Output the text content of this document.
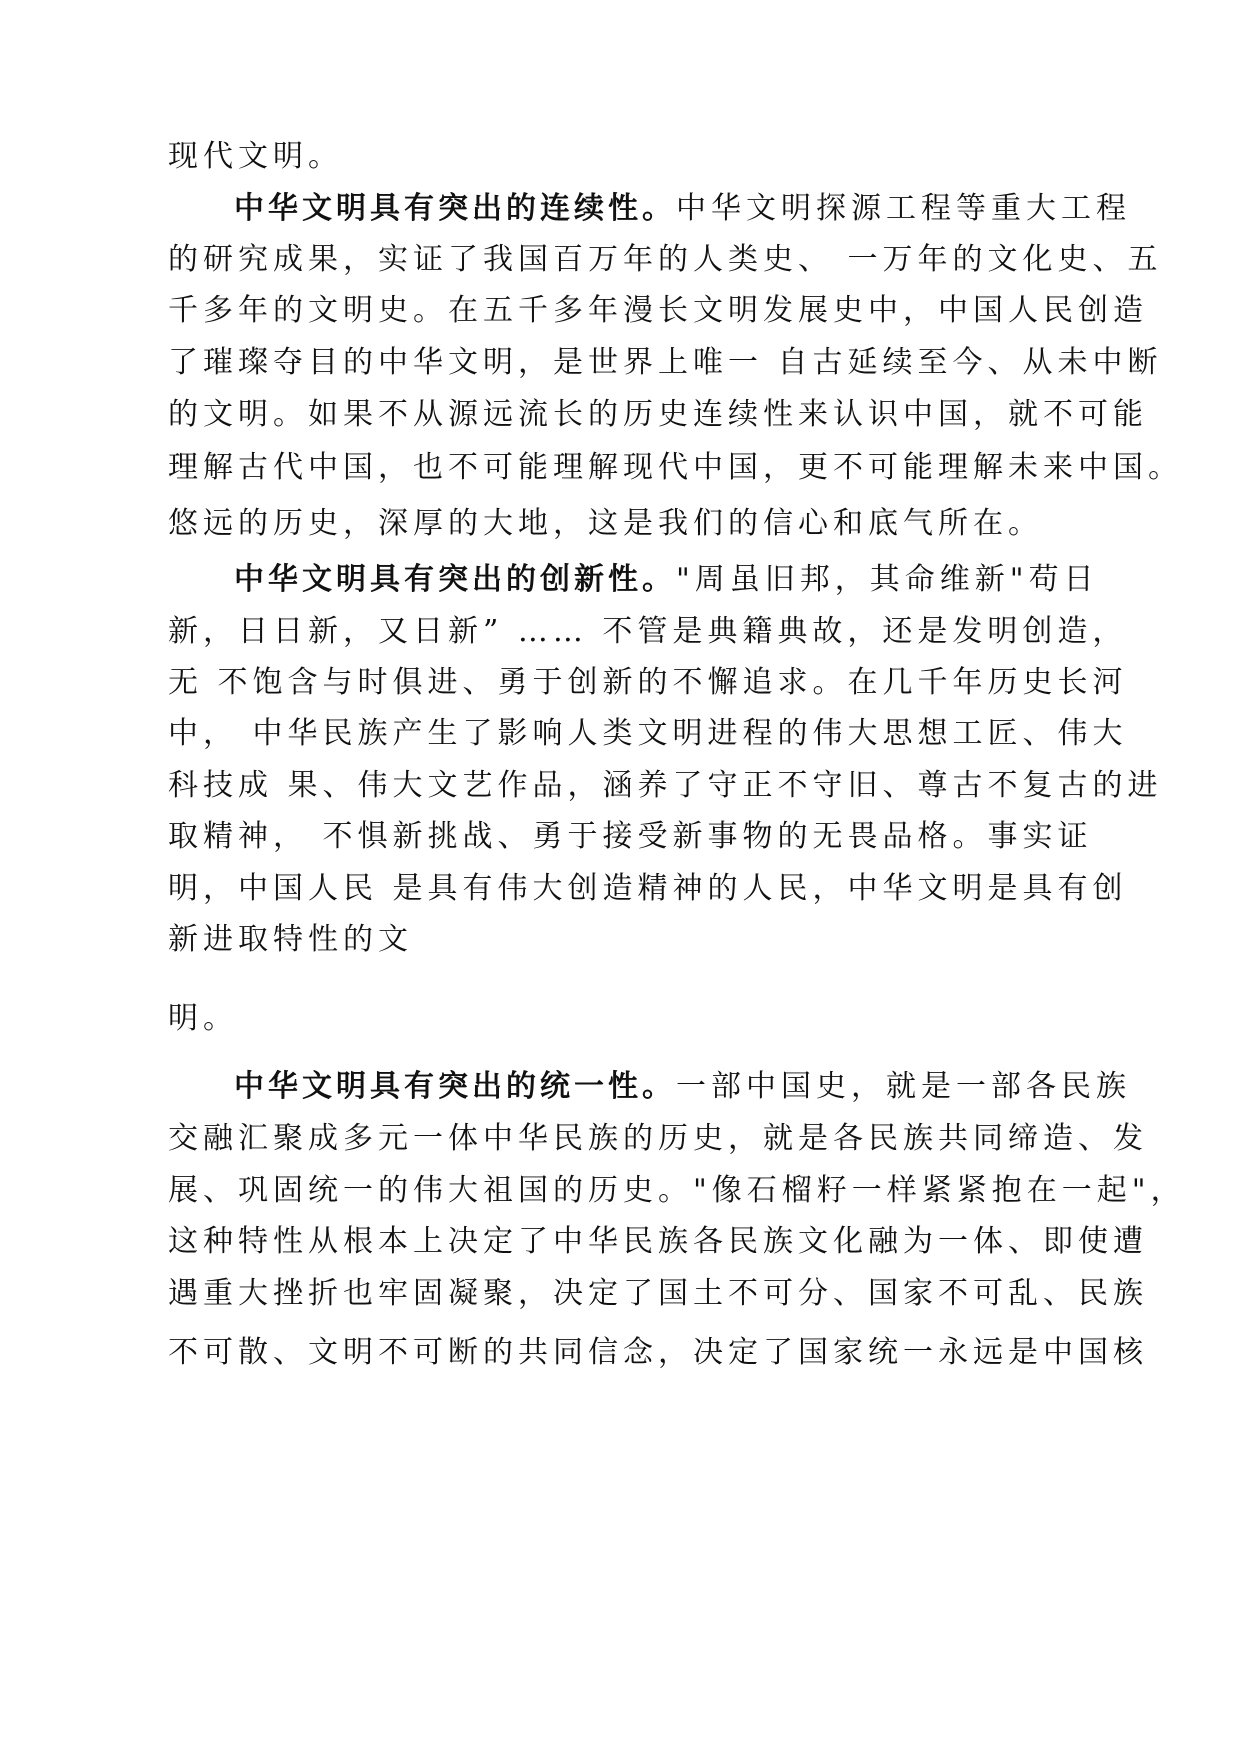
现代文明。
中华文明具有突出的连续性。中华文明探源工程等重大工程
的研究成果，实证了我国百万年的人类史、 一万年的文化史、五
千多年的文明史。在五千多年漫长文明发展史中，中国人民创造
了璀璨夺目的中华文明，是世界上唯一 自古延续至今、从未中断
的文明。如果不从源远流长的历史连续性来认识中国，就不可能
理解古代中国，也不可能理解现代中国，更不可能理解未来中国。
悠远的历史，深厚的大地，这是我们的信心和底气所在。
中华文明具有突出的创新性。"周虽旧邦，其命维新"苟日
新，日日新，又日新” …… 不管是典籍典故，还是发明创造，
无 不饱含与时俱进、勇于创新的不懈追求。在几千年历史长河
中， 中华民族产生了影响人类文明进程的伟大思想工匠、伟大
科技成 果、伟大文艺作品，涵养了守正不守旧、尊古不复古的进
取精神， 不惧新挑战、勇于接受新事物的无畏品格。事实证
明，中国人民 是具有伟大创造精神的人民，中华文明是具有创
新进取特性的文
明。
中华文明具有突出的统一性。一部中国史，就是一部各民族
交融汇聚成多元一体中华民族的历史，就是各民族共同缔造、发
展、巩固统一的伟大祖国的历史。"像石榴籽一样紧紧抱在一起"，
这种特性从根本上决定了中华民族各民族文化融为一体、即使遭
遇重大挫折也牢固凝聚，决定了国土不可分、国家不可乱、民族
不可散、文明不可断的共同信念，决定了国家统一永远是中国核
